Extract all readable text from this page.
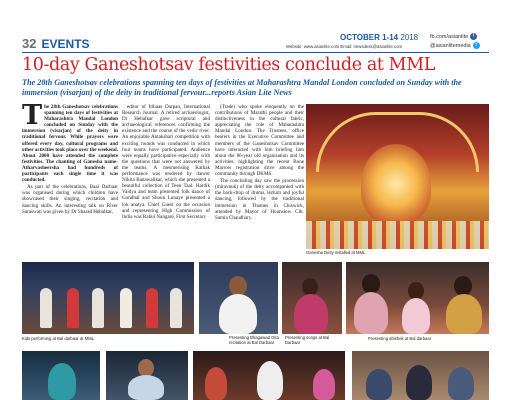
32 EVENTS	OCTOBER 1-14 2018
Website: www.asianlite.com Email: newsdesk@asianlite.com
fb.com/asianlite f
@asianlitemedia t
10-day Ganeshotsav festivities conclude at MML
The 28th Ganeshotsav celebrations spanning ten days of festivities at Maharashtra Mandal London concluded on Sunday with the immersion (visarjan) of the deity in traditional fervour...reports Asian Lite News

The 28th Ganeshotsav celebrations spanning ten days of festivities at Maharashtra Mandal London concluded on Sunday with the immersion (visarjan) of the deity in traditional fervour. While prayers were offered every day, cultural programs and other activities took place over the weekend. About 2000 have attended the complete festivities. The chanting of Ganesha name-Atharvasheersha had hundreds of participants each single time it was conducted.

As part of the celebrations, Baal Darbaar was organised during which children have showcased their singing, recitation and dancing skills. An interesting talk on River Saraswati was given by Dr Sharad Hebalkar,

editor of Itihaas Darpan, International Research Journal. A retired archaeologist, Dr Hebalkar gave scriptural and archaeological references confirming the existence and the course of the vedic river. An enjoyable Antakshari competition with exciting rounds was conducted in which four teams have participated. Audience were equally participative especially with the questions that were not answered by the teams. A mesmerising Kathak performance was rendered by dancer Nikita Banawalikar, which she presented a beautiful collection of Teen Taal. Hardik Vaidya and team presented folk dance of Gondhal and Shoun Lunaye presented a lok anatya. Chief Guest on the occasion and representing High Commission of India was Rahul Nangare, First Secretary

(Trade) who spoke eloquently on the contributions of Marathi people and their distinctiveness in the cultural fabric, appreciating the role of Maharashtra Mandal London. The Trustees, office bearers in the Executive Committee and members of the Ganeshotsav Committee have interacted with him briefing him about the 86-year old organisation and its activities, highlighting the recent Bone Marrow registration drive among the community through DKMS.

The concluding day saw the procession (miravnuk) of the deity accompanied with the back-drop of drums, lezhim and joyful dancing, followed by the traditional immersion in Thames in Chiswick, attended by Mayor of Hounslow Cllr. Samia Chaudhary.

Ganesha Deity installed at MML
Kids performing at Bal darbaar at MML	Presenting Bhagawad Gita recitation at Bal Darbaar
Presenting songs at Bal Darbaar
Presenting abishek at Bal darbaar
